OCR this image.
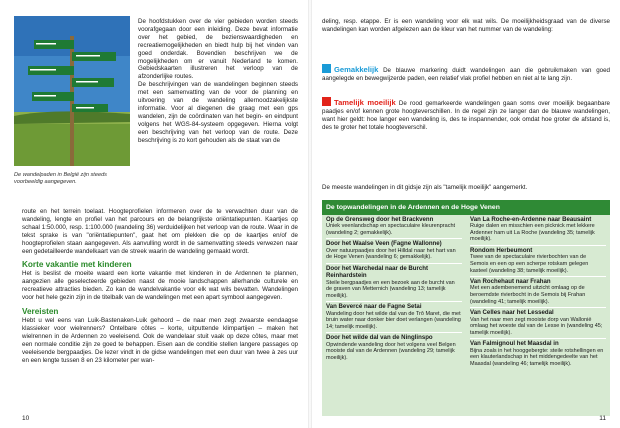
De wandelpaden in België zijn steeds voorbeeldig aangegeven.

De hoofdstukken over de vier gebieden worden steeds voorafgegaan door een inleiding. Deze bevat informatie over het gebied, de bezienswaardigheden en recreatiemogelijkheden en biedt hulp bij het vinden van goed onderdak. Bovendien beschrijven we de mogelijkheden om er vanuit Nederland te komen. Gebiedskaarten illustreren het verloop van de afzonderlijke routes.
De beschrijvingen van de wandelingen beginnen steeds met een samenvatting van de voor de planning en uitvoering van de wandeling allernoodzakelijkste informatie. Voor al diegenen die graag met een gps wandelen, zijn de coördinaten van het begin- en eindpunt volgens het WGS-84-systeem opgegeven. Hierna volgt een beschrijving van het verloop van de route. Deze beschrijving is zo kort gehouden als de staat van de

route en het terrein toelaat. Hoogteprofielen informeren over de te verwachten duur van de wandeling, lengte en profiel van het parcours en de belangrijkste oriëntatiepunten. Kaartjes op schaal 1:50.000, resp. 1:100.000 (wandeling 36) verduidelijken het verloop van de route. Waar in de tekst sprake is van "oriëntatiepunten", gaat het om plekken die op de kaartjes en/of de hoogteprofielen staan aangegeven. Als aanvulling wordt in de samenvatting steeds verwezen naar een gedetailleerde wandelkaart van de streek waarin de wandeling gemaakt wordt.

Korte vakantie met kinderen

Het is beslist de moeite waard een korte vakantie met kinderen in de Ardennen te plannen, aangezien alle geselecteerde gebieden naast de mooie landschappen allerhande culturele en recreatieve attracties bieden. Zo kan de wandelvakantie voor elk wat wils bevatten. Wandelingen voor het hele gezin zijn in de titelbalk van de wandelingen met een apart symbool aangegeven.

Vereisten

Hebt u wel eens van Luik-Bastenaken-Luik gehoord – de naar men zegt zwaarste eendaagse klassieker voor wielrenners? Ontelbare côtes – korte, uitputtende klimpartijen – maken het wielrennen in de Ardennen zo veeleisend. Ook de wandelaar stuit vaak op deze côtes, maar met een normale conditie zijn ze goed te behappen. Eisen aan de conditie stellen langere passages op veeleisende bergpaadjes. De lezer vindt in de gidse wandelingen met een duur van twee à zes uur en een lengte tussen 8 en 23 kilometer per wan-

10

deling, resp. etappe. Er is een wandeling voor elk wat wils. De moeilijkheidsgraad van de diverse wandelingen kan worden afgelezen aan de kleur van het nummer van de wandeling:

Gemakkelijk De blauwe markering duidt wandelingen aan die gebruikmaken van goed aangelegde en bewegwijzerde paden, een relatief vlak profiel hebben en niet al te lang zijn.

Tamelijk moeilijk De rood gemarkeerde wandelingen gaan soms over moeilijk begaanbare paadjes en/of kennen grote hoogteverschillen. In de regel zijn ze langer dan de blauwe wandelingen, want hier geldt: hoe langer een wandeling is, des te inspannender, ook omdat hoe groter de afstand is, des te groter het totale hoogteverschil.

De meeste wandelingen in dit gidsje zijn als "tamelijk moeilijk" aangemerkt.

De topwandelingen in de Ardennen en de Hoge Venen
Op de Grensweg door het Brackvenn
Uniek veenlandschap en spectaculaire kleurenpracht (wandeling 2; gemakkelijk).
Door het Waalse Veen (Fagne Wallonne)
Over natuurpaadjes door het Hilldal naar het hart van de Hoge Venen (wandeling 6; gemakkelijk).
Door het Warchedal naar de Burcht Reinhardstein
Steile bergpaadjes en een bezoek aan de burcht van de graven van Metternich (wandeling 13; tamelijk moeilijk).
Van Bevercé naar de Fagne Setai
Wandeling door het wilde dal van de Trô Maret, die met bruin water naar donker bier doet verlangen (wandeling 14; tamelijk moeilijk).
Door het wilde dal van de Ninglinspo
Opwindende wandeling door het volgens veel Belgen mooiste dal van de Ardennen (wandeling 29; tamelijk moeilijk).
Van La Roche-en-Ardenne naar Beausaint
Ruige dalen en misschien een picknick met lekkere Ardenner ham uit La Roche (wandeling 35; tamelijk moeilijk).
Rondom Herbeumont
Twee van de spectaculaire rivierbochten van de Semois en een op een scherpe rotskam gelegen kasteel (wandeling 38; tamelijk moeilijk).
Van Rochehaut naar Frahan
Met een adembenemend uitzicht omlaag op de beroemdste rivierbocht in de Semois bij Frahan (wandeling 41; tamelijk moeilijk).
Van Celles naar het Lessedal
Van het naar men zegt mooiste dorp van Wallonië omlaag het woeste dal van de Lesse in (wandeling 45; tamelijk moeilijk).
Van Falmignoul het Maasdal in
Bijna zoals in het hooggebergte: steile rotshellingen en een klauterlandschap in het middengedeelte van het Maasdal (wandeling 46; tamelijk moeilijk).
11
